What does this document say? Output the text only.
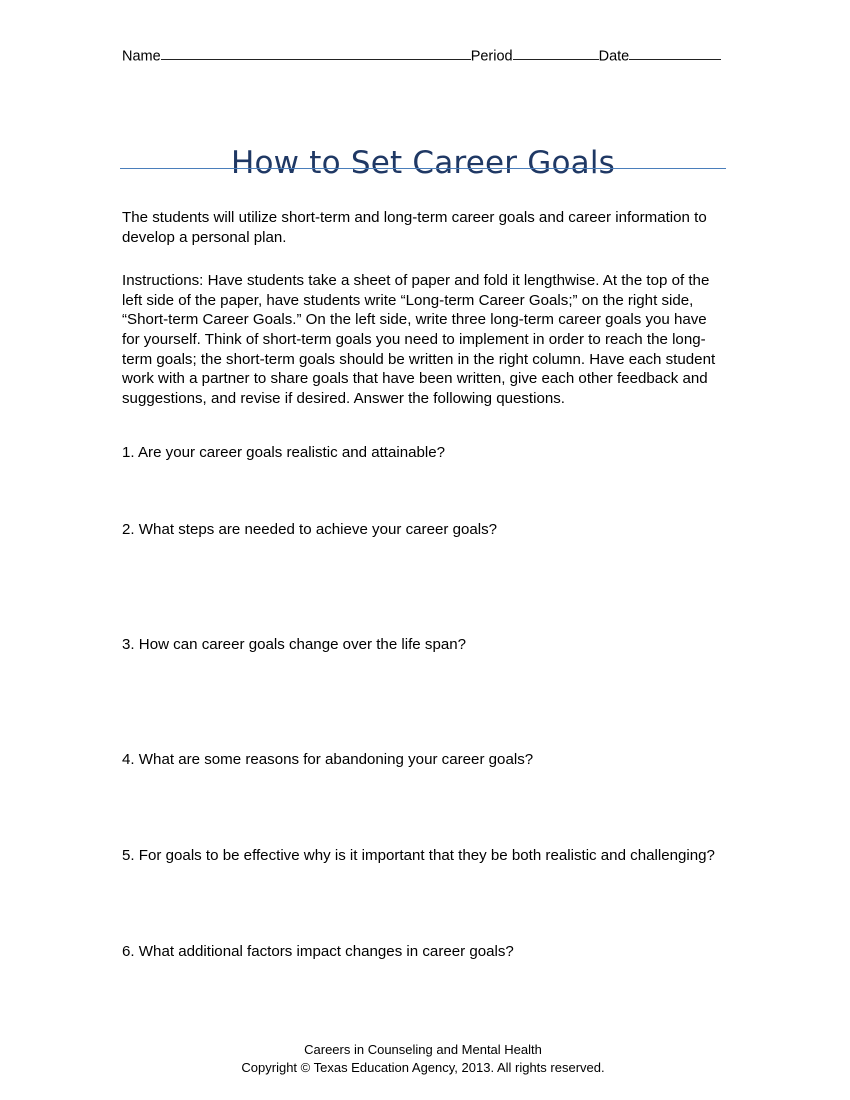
Name	Period	Date
How to Set Career Goals

The students will utilize short-term and long-term career goals and career information to develop a personal plan.

Instructions: Have students take a sheet of paper and fold it lengthwise. At the top of the left side of the paper, have students write “Long-term Career Goals;” on the right side, “Short-term Career Goals.” On the left side, write three long-term career goals you have for yourself. Think of short-term goals you need to implement in order to reach the long-term goals; the short-term goals should be written in the right column. Have each student work with a partner to share goals that have been written, give each other feedback and suggestions, and revise if desired. Answer the following questions.

1. Are your career goals realistic and attainable?
2. What steps are needed to achieve your career goals?
3. How can career goals change over the life span?
4. What are some reasons for abandoning your career goals?
5. For goals to be effective why is it important that they be both realistic and challenging?
6. What additional factors impact changes in career goals?
Careers in Counseling and Mental Health
Copyright © Texas Education Agency, 2013. All rights reserved.
